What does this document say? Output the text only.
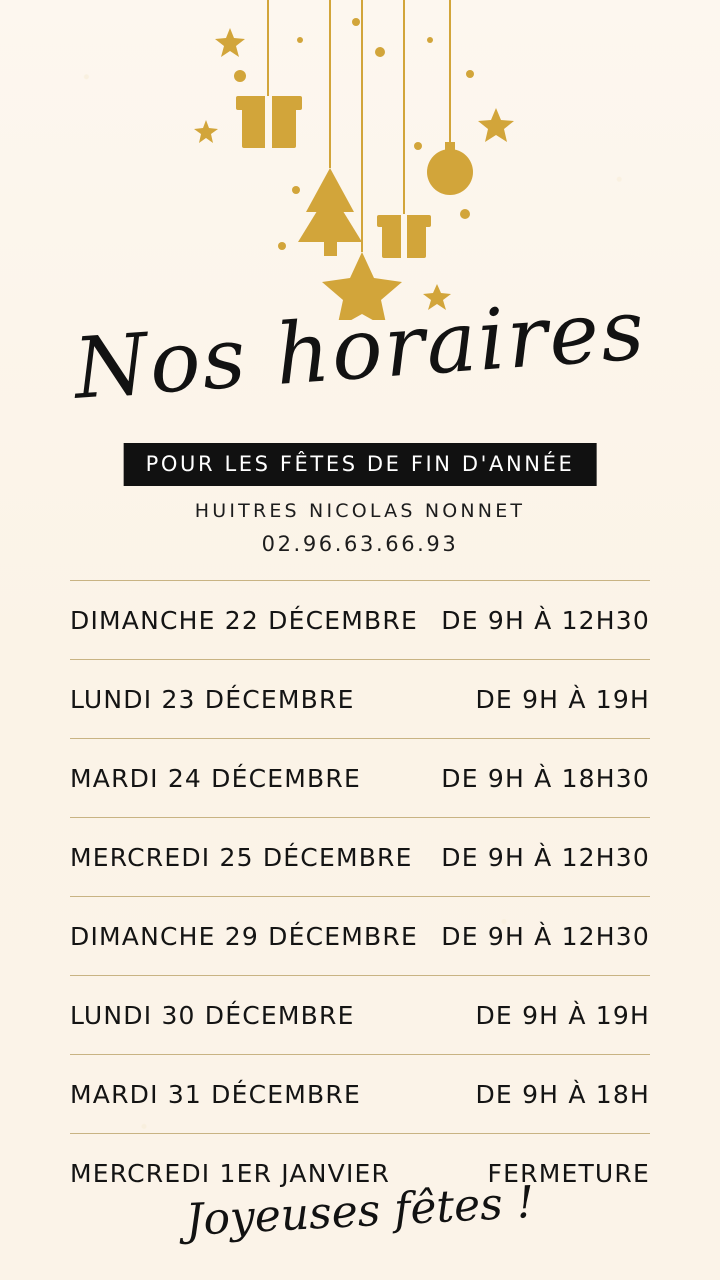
Nos horaires
POUR LES FÊTES DE FIN D'ANNÉE
HUITRES NICOLAS NONNET
02.96.63.66.93
DIMANCHE 22 DÉCEMBRE DE 9H À 12H30
LUNDI 23 DÉCEMBRE	DE 9H À 19H
MARDI 24 DÉCEMBRE	DE 9H À 18H30
MERCREDI 25 DÉCEMBRE DE 9H À 12H30
DIMANCHE 29 DÉCEMBRE DE 9H À 12H30
LUNDI 30 DÉCEMBRE	DE 9H À 19H
MARDI 31 DÉCEMBRE	DE 9H À 18H
MERCREDI 1ER JANVIER	FERMETURE
Joyeuses fêtes !
